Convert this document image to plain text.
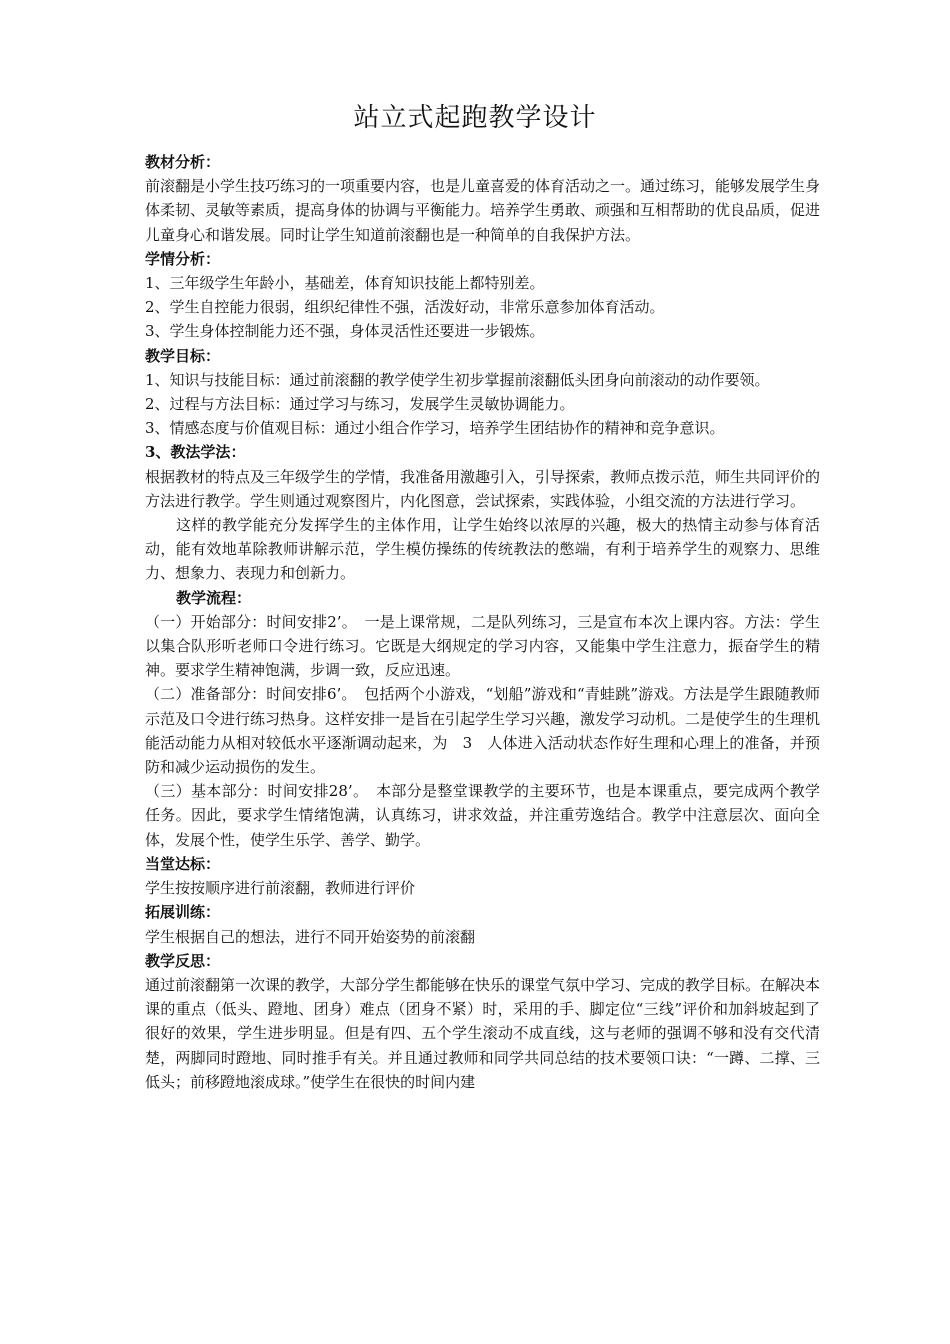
站立式起跑教学设计

教材分析：

前滚翻是小学生技巧练习的一项重要内容，也是儿童喜爱的体育活动之一。通过练习，能够发展学生身体柔韧、灵敏等素质，提高身体的协调与平衡能力。培养学生勇敢、顽强和互相帮助的优良品质，促进儿童身心和谐发展。同时让学生知道前滚翻也是一种简单的自我保护方法。

学情分析：

1、三年级学生年龄小，基础差，体育知识技能上都特别差。

2、学生自控能力很弱，组织纪律性不强，活泼好动，非常乐意参加体育活动。

3、学生身体控制能力还不强，身体灵活性还要进一步锻炼。

教学目标：

1、知识与技能目标：通过前滚翻的教学使学生初步掌握前滚翻低头团身向前滚动的动作要领。

2、过程与方法目标：通过学习与练习，发展学生灵敏协调能力。

3、情感态度与价值观目标：通过小组合作学习，培养学生团结协作的精神和竞争意识。

3、教法学法：

根据教材的特点及三年级学生的学情，我准备用激趣引入，引导探索，教师点拨示范，师生共同评价的方法进行教学。学生则通过观察图片，内化图意，尝试探索，实践体验，小组交流的方法进行学习。

这样的教学能充分发挥学生的主体作用，让学生始终以浓厚的兴趣，极大的热情主动参与体育活动，能有效地革除教师讲解示范，学生模仿操练的传统教法的憋端，有利于培养学生的观察力、思维力、想象力、表现力和创新力。

教学流程：

（一）开始部分：时间安排2’。　一是上课常规，二是队列练习，三是宣布本次上课内容。方法：学生以集合队形听老师口令进行练习。它既是大纲规定的学习内容，又能集中学生注意力，振奋学生的精神。要求学生精神饱满，步调一致，反应迅速。

（二）准备部分：时间安排6’。　包括两个小游戏，“划船”游戏和“青蛙跳”游戏。方法是学生跟随教师示范及口令进行练习热身。这样安排一是旨在引起学生学习兴趣，激发学习动机。二是使学生的生理机能活动能力从相对较低水平逐渐调动起来，为　3　人体进入活动状态作好生理和心理上的准备，并预防和减少运动损伤的发生。

（三）基本部分：时间安排28’。　本部分是整堂课教学的主要环节，也是本课重点，要完成两个教学任务。因此，要求学生情绪饱满，认真练习，讲求效益，并注重劳逸结合。教学中注意层次、面向全体，发展个性，使学生乐学、善学、勤学。

当堂达标：

学生按按顺序进行前滚翻，教师进行评价

拓展训练：

学生根据自己的想法，进行不同开始姿势的前滚翻

教学反思：

通过前滚翻第一次课的教学，大部分学生都能够在快乐的课堂气氛中学习、完成的教学目标。在解决本课的重点（低头、蹬地、团身）难点（团身不紧）时，采用的手、脚定位“三线”评价和加斜坡起到了很好的效果，学生进步明显。但是有四、五个学生滚动不成直线，这与老师的强调不够和没有交代清楚，两脚同时蹬地、同时推手有关。并且通过教师和同学共同总结的技术要领口诀：“一蹲、二撑、三低头；前移蹬地滚成球。”使学生在很快的时间内建
